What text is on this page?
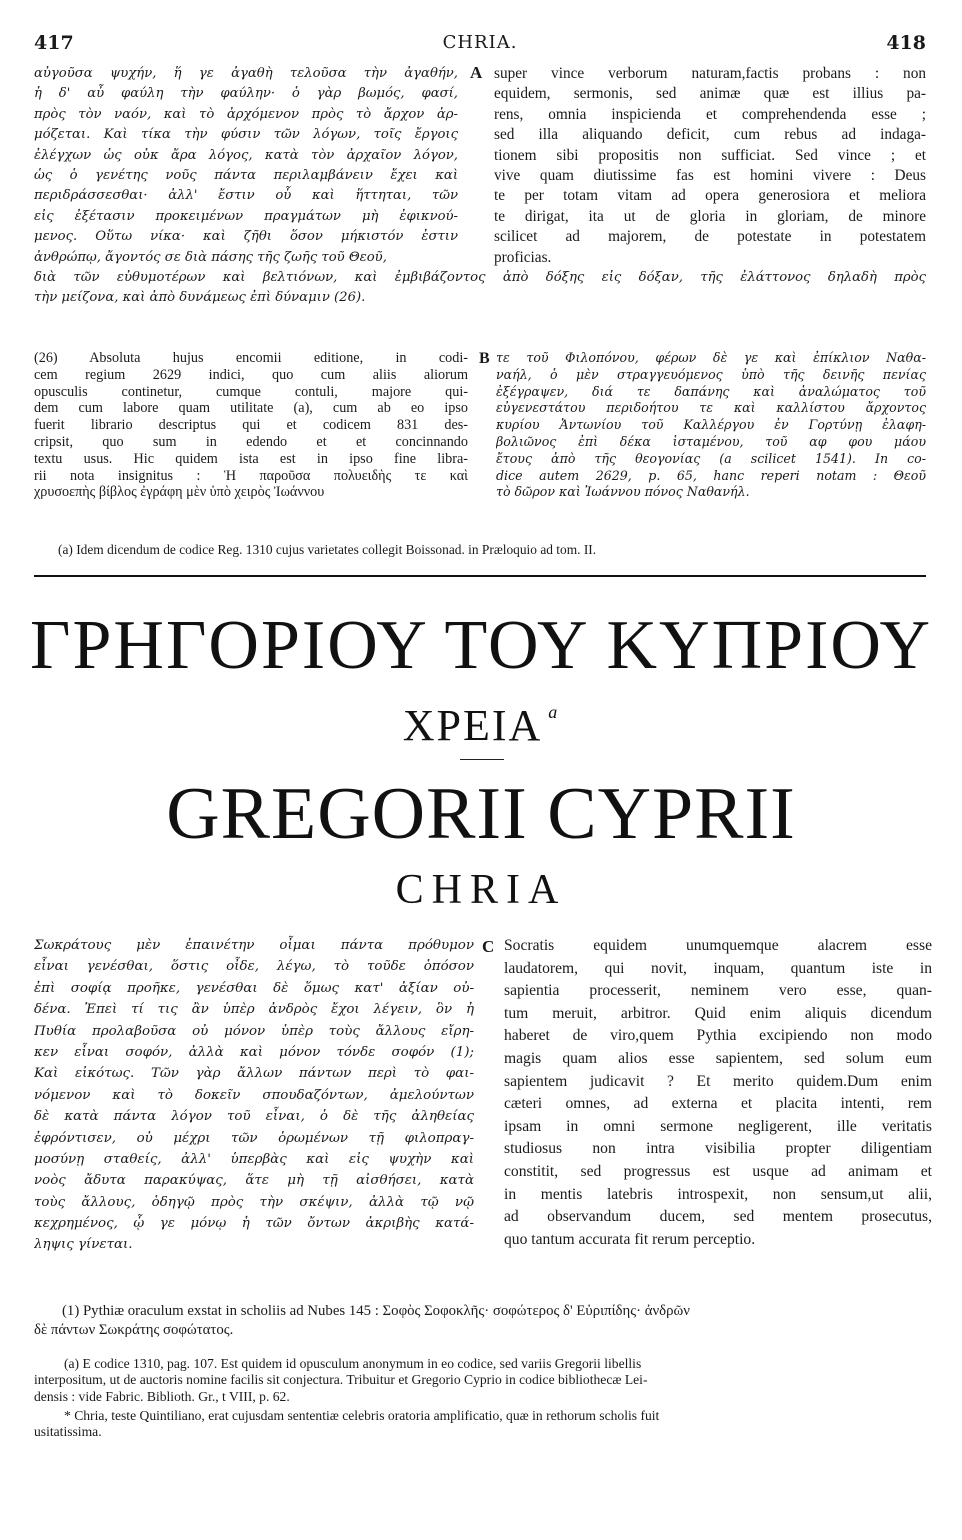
417	CHRIA.	418
αὐγοῦσα ψυχήν, ἥ γε ἀγαθὴ τελοῦσα τὴν ἀγαθήν,
ἡ δ' αὖ φαύλη τὴν φαύλην· ὁ γὰρ βωμός, φασί,
πρὸς τὸν ναόν, καὶ τὸ ἀρχόμενον πρὸς τὸ ἄρχον ἁρ-
μόζεται. Καὶ τίκα τὴν φύσιν τῶν λόγων, τοῖς ἔργοις
ἐλέγχων ὡς οὐκ ἄρα λόγος, κατὰ τὸν ἀρχαῖον λόγον,
ὡς ὁ γενέτης νοῦς πάντα περιλαμβάνειν ἔχει καὶ
περιδράσσεσθαι· ἀλλ' ἔστιν οὗ καὶ ἥττηται, τῶν
εἰς ἐξέτασιν προκειμένων πραγμάτων μὴ ἐφικνού-
μενος. Οὕτω νίκα· καὶ ζῆθι ὅσον μήκιστόν ἐστιν
ἀνθρώπῳ, ἄγοντός σε διὰ πάσης τῆς ζωῆς τοῦ Θεοῦ,
A super vince verborum naturam,factis probans : non
equidem, sermonis, sed animæ quæ est illius pa-
rens, omnia inspicienda et comprehendenda esse ;
sed illa aliquando deficit, cum rebus ad indaga-
tionem sibi propositis non sufficiat. Sed vince ; et
vive quam diutissime fas est homini vivere : Deus
te per totam vitam ad opera generosiora et meliora
te dirigat, ita ut de gloria in gloriam, de minore
scilicet ad majorem, de potestate in potestatem
proficias.
διὰ τῶν εὐθυμοτέρων καὶ βελτιόνων, καὶ ἐμβιβάζοντος ἀπὸ δόξης εἰς δόξαν, τῆς ἐλάττονος δηλαδὴ πρὸς
τὴν μείζονα, καὶ ἀπὸ δυνάμεως ἐπὶ δύναμιν (26).
(26) Absoluta hujus encomii editione, in codi-
cem regium 2629 indici, quo cum aliis aliorum
opusculis continetur, cumque contuli, majore qui-
dem cum labore quam utilitate (a), cum ab eo ipso
fuerit librario descriptus qui et codicem 831 des-
cripsit, quo sum in edendo et et concinnando
textu usus. Hic quidem ista est in ipso fine libra-
rii nota insignitus : Ἡ παροῦσα πολυειδὴς τε καὶ
χρυσοεπὴς βίβλος ἐγράφη μὲν ὑπὸ χειρὸς Ἰωάννου
B τε τοῦ Φιλοπόνου, φέρων δὲ γε καὶ ἐπίκλιον Ναθα-
ναήλ, ὁ μὲν στραγγευόμενος ὑπὸ τῆς δεινῆς πενίας
ἐξέγραψεν, διά τε δαπάνης καὶ ἀναλώματος τοῦ
εὐγενεστάτου περιδοήτου τε καὶ καλλίστου ἄρχοντος
κυρίου Ἀντωνίου τοῦ Καλλέργου ἐν Γορτύνῃ ἐλαφη-
βολιῶνος ἐπὶ δέκα ἱσταμένου, τοῦ αφ φου μάου
ἔτους ἀπὸ τῆς θεογονίας (a scilicet 1541). In co-
dice autem 2629, p. 65, hanc reperi notam : Θεοῦ
τὸ δῶρον καὶ Ἰωάννου πόνος Ναθανήλ.
(a) Idem dicendum de codice Reg. 1310 cujus varietates collegit Boissonad. in Præloquio ad tom. II.
ΓΡΗΓΟΡΙΟΥ ΤΟΥ ΚΥΠΡΙΟΥ
ΧΡΕΙΑ $^a$
GREGORII CYPRII
CHRIA
Σωκράτους μὲν ἐπαινέτην οἶμαι πάντα πρόθυμον
εἶναι γενέσθαι, ὅστις οἶδε, λέγω, τὸ τοῦδε ὁπόσον
ἐπὶ σοφίᾳ προῆκε, γενέσθαι δὲ ὅμως κατ' ἀξίαν οὐ-
δένα. Ἐπεὶ τί τις ἂν ὑπὲρ ἀνδρὸς ἔχοι λέγειν, ὃν ἡ
Πυθία προλαβοῦσα οὐ μόνον ὑπὲρ τοὺς ἄλλους εἴρη-
κεν εἶναι σοφόν, ἀλλὰ καὶ μόνον τόνδε σοφόν (1);
Καὶ εἰκότως. Τῶν γὰρ ἄλλων πάντων περὶ τὸ φαι-
νόμενον καὶ τὸ δοκεῖν σπουδαζόντων, ἀμελούντων
δὲ κατὰ πάντα λόγον τοῦ εἶναι, ὁ δὲ τῆς ἀληθείας
ἐφρόντισεν, οὐ μέχρι τῶν ὁρωμένων τῇ φιλοπραγ-
μοσύνῃ σταθείς, ἀλλ' ὑπερβὰς καὶ εἰς ψυχὴν καὶ
νοὸς ἄδυτα παρακύψας, ἅτε μὴ τῇ αἰσθήσει, κατὰ
τοὺς ἄλλους, ὁδηγῷ πρὸς τὴν σκέψιν, ἀλλὰ τῷ νῷ
κεχρημένος, ᾧ γε μόνῳ ἡ τῶν ὄντων ἀκριβὴς κατά-
ληψις γίνεται.
C Socratis equidem unumquemque alacrem esse
laudatorem, qui novit, inquam, quantum iste in
sapientia processerit, neminem vero esse, quan-
tum meruit, arbitror. Quid enim aliquis dicendum
haberet de viro,quem Pythia excipiendo non modo
magis quam alios esse sapientem, sed solum eum
sapientem judicavit ? Et merito quidem.Dum enim
cæteri omnes, ad externa et placita intenti, rem
ipsam in omni sermone negligerent, ille veritatis
studiosus non intra visibilia propter diligentiam
constitit, sed progressus est usque ad animam et
in mentis latebris introspexit, non sensum,ut alii,
ad observandum ducem, sed mentem prosecutus,
quo tantum accurata fit rerum perceptio.
(1) Pythiæ oraculum exstat in scholiis ad Nubes 145 : Σοφὸς Σοφοκλῆς· σοφώτερος δ' Εὐριπίδης· ἀνδρῶν
δὲ πάντων Σωκράτης σοφώτατος.
(a) E codice 1310, pag. 107. Est quidem id opusculum anonymum in eo codice, sed variis Gregorii libellis
interpositum, ut de auctoris nomine facilis sit conjectura. Tribuitur et Gregorio Cyprio in codice bibliothecæ Lei-
densis : vide Fabric. Biblioth. Gr., t VIII, p. 62.
* Chria, teste Quintiliano, erat cujusdam sententiæ celebris oratoria amplificatio, quæ in rethorum scholis fuit
usitatissima.
